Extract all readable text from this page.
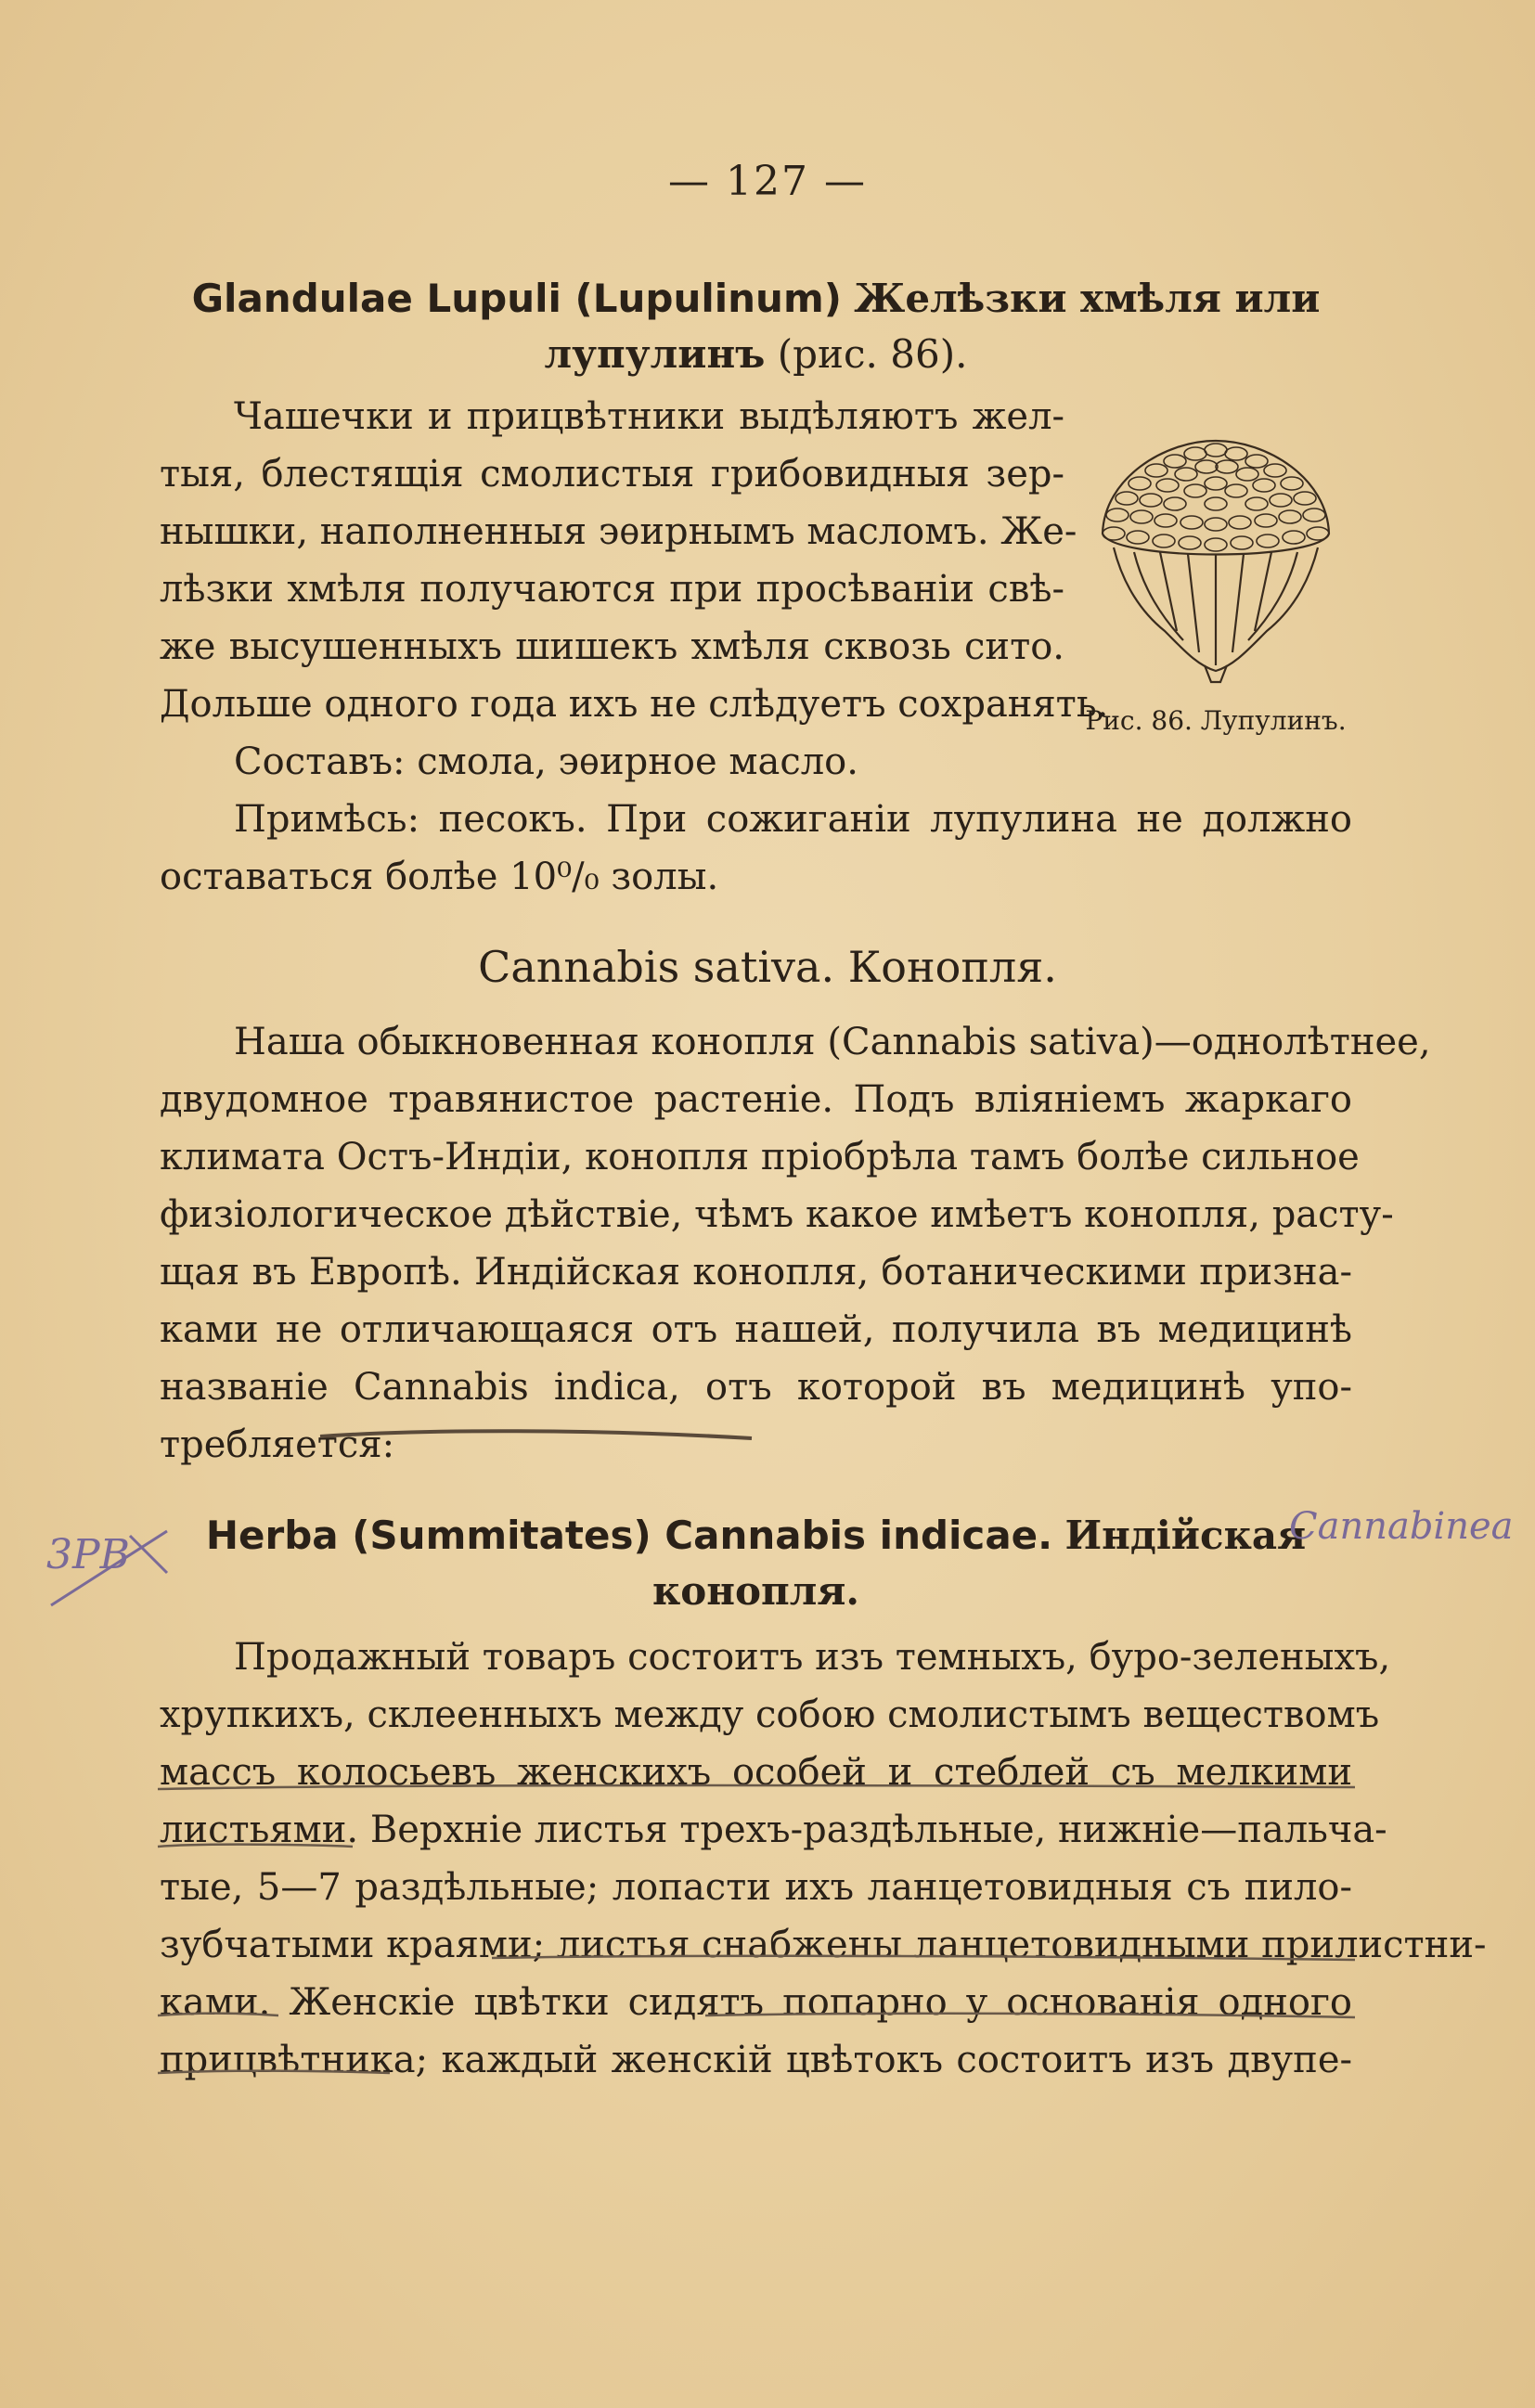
— 127 —
Glandulae Lupuli (Lupulinum) Желѣзки хмѣля или лупулинъ (рис. 86).
Чашечки и прицвѣтники выдѣляютъ жел-
тыя, блестящія смолистыя грибовидныя зер-
нышки, наполненныя эѳирнымъ масломъ. Же-
лѣзки хмѣля получаются при просѣваніи свѣ-
же высушенныхъ шишекъ хмѣля сквозь сито.
Дольше одного года ихъ не слѣдуетъ сохранять.
Рис. 86. Лупулинъ.
Составъ: смола, эѳирное масло.
Примѣсь: песокъ. При сожиганіи лупулина не должно
оставаться болѣе 10⁰/₀ золы.
Cannabis sativa. Конопля.
Наша обыкновенная конопля (Cannabis sativa)—однолѣтнее,
двудомное травянистое растеніе. Подъ вліяніемъ жаркаго
климата Остъ-Индіи, конопля пріобрѣла тамъ болѣе сильное
физіологическое дѣйствіе, чѣмъ какое имѣетъ конопля, расту-
щая въ Европѣ. Индійская конопля, ботаническими призна-
ками не отличающаяся отъ нашей, получила въ медицинѣ
названіе Cannabis indica, отъ которой въ медицинѣ упо-
требляется:
Herba (Summitates) Cannabis indicae. Индійская конопля.
3РВ
Cannabinea
Продажный товаръ состоитъ изъ темныхъ, буро-зеленыхъ,
хрупкихъ, склеенныхъ между собою смолистымъ веществомъ
массъ колосьевъ женскихъ особей и стеблей съ мелкими
листьями. Верхніе листья трехъ-раздѣльные, нижніе—пальча-
тые, 5—7 раздѣльные; лопасти ихъ ланцетовидныя съ пило-
зубчатыми краями; листья снабжены ланцетовидными прилистни-
ками. Женскіе цвѣтки сидятъ попарно у основанія одного
прицвѣтника; каждый женскій цвѣтокъ состоитъ изъ двупе-
